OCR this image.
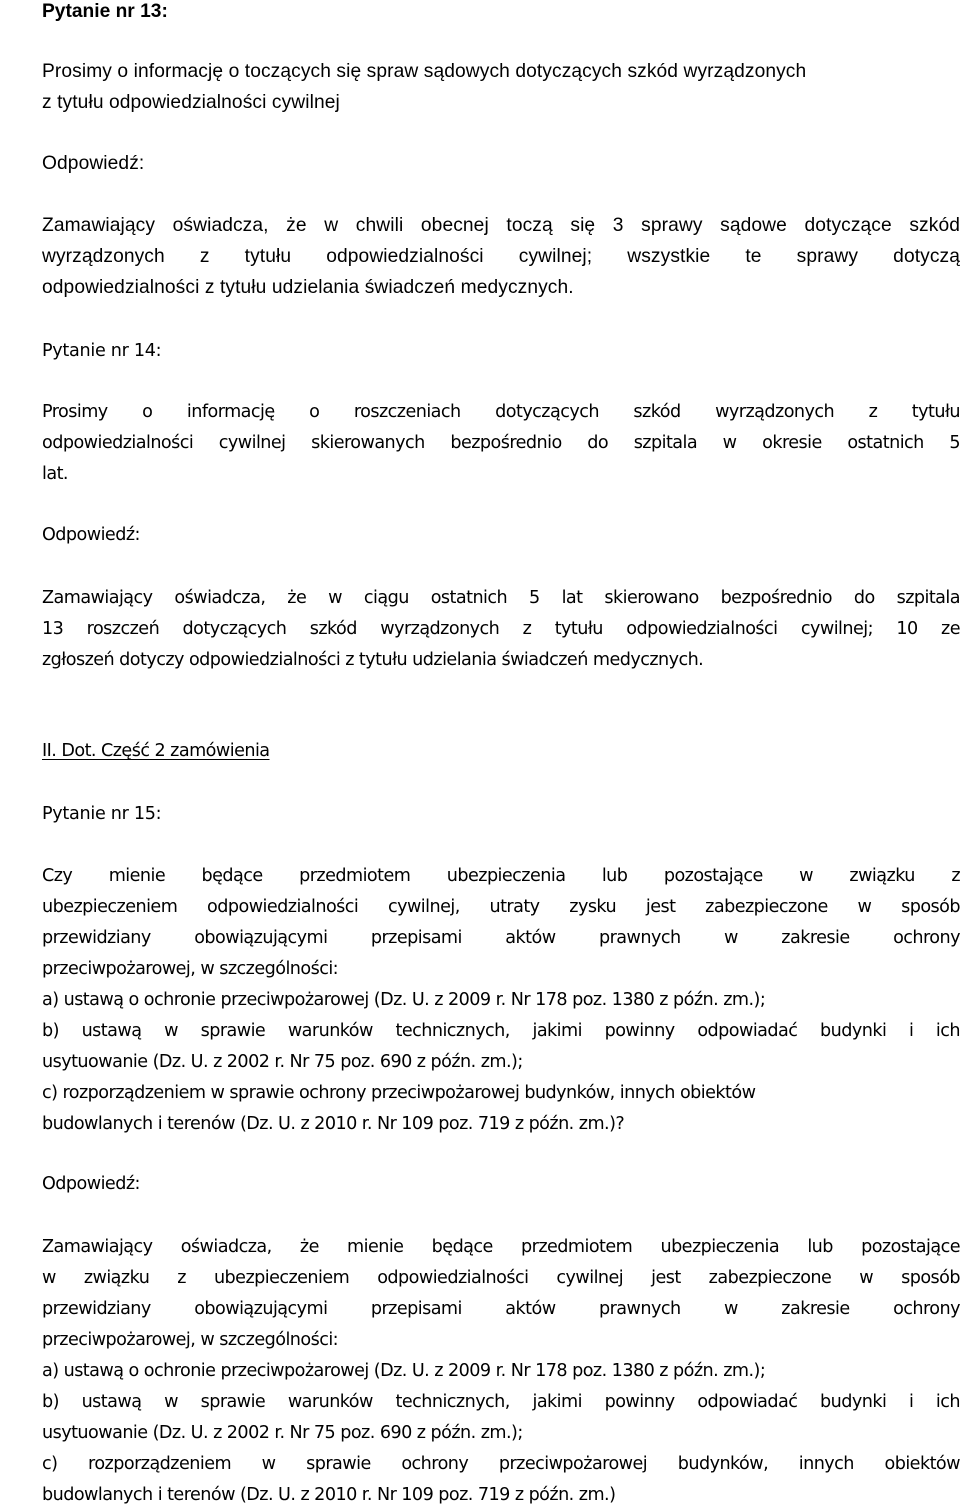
Pytanie nr 13:
Prosimy o informację o toczących się spraw sądowych dotyczących szkód wyrządzonych
z tytułu odpowiedzialności cywilnej
Odpowiedź:
Zamawiający oświadcza, że w chwili obecnej toczą się 3 sprawy sądowe dotyczące szkód
wyrządzonych z tytułu odpowiedzialności cywilnej; wszystkie te sprawy dotyczą
odpowiedzialności z tytułu udzielania świadczeń medycznych.
Pytanie nr 14:
Prosimy o informację o roszczeniach dotyczących szkód wyrządzonych z tytułu
odpowiedzialności cywilnej skierowanych bezpośrednio do szpitala w okresie ostatnich 5
lat.
Odpowiedź:
Zamawiający oświadcza, że w ciągu ostatnich 5 lat skierowano bezpośrednio do szpitala
13 roszczeń dotyczących szkód wyrządzonych z tytułu odpowiedzialności cywilnej; 10 ze
zgłoszeń dotyczy odpowiedzialności z tytułu udzielania świadczeń medycznych.
II. Dot. Część 2 zamówienia
Pytanie nr 15:
Czy mienie będące przedmiotem ubezpieczenia lub pozostające w związku z
ubezpieczeniem odpowiedzialności cywilnej, utraty zysku jest zabezpieczone w sposób
przewidziany obowiązującymi przepisami aktów prawnych w zakresie ochrony
przeciwpożarowej, w szczególności:
a) ustawą o ochronie przeciwpożarowej (Dz. U. z 2009 r. Nr 178 poz. 1380 z późn. zm.);
b) ustawą w sprawie warunków technicznych, jakimi powinny odpowiadać budynki i ich
usytuowanie (Dz. U. z 2002 r. Nr 75 poz. 690 z późn. zm.);
c) rozporządzeniem w sprawie ochrony przeciwpożarowej budynków, innych obiektów
budowlanych i terenów (Dz. U. z 2010 r. Nr 109 poz. 719 z późn. zm.)?
Odpowiedź:
Zamawiający oświadcza, że mienie będące przedmiotem ubezpieczenia lub pozostające
w związku z ubezpieczeniem odpowiedzialności cywilnej jest zabezpieczone w sposób
przewidziany obowiązującymi przepisami aktów prawnych w zakresie ochrony
przeciwpożarowej, w szczególności:
a) ustawą o ochronie przeciwpożarowej (Dz. U. z 2009 r. Nr 178 poz. 1380 z późn. zm.);
b) ustawą w sprawie warunków technicznych, jakimi powinny odpowiadać budynki i ich
usytuowanie (Dz. U. z 2002 r. Nr 75 poz. 690 z późn. zm.);
c) rozporządzeniem w sprawie ochrony przeciwpożarowej budynków, innych obiektów
budowlanych i terenów (Dz. U. z 2010 r. Nr 109 poz. 719 z późn. zm.)
